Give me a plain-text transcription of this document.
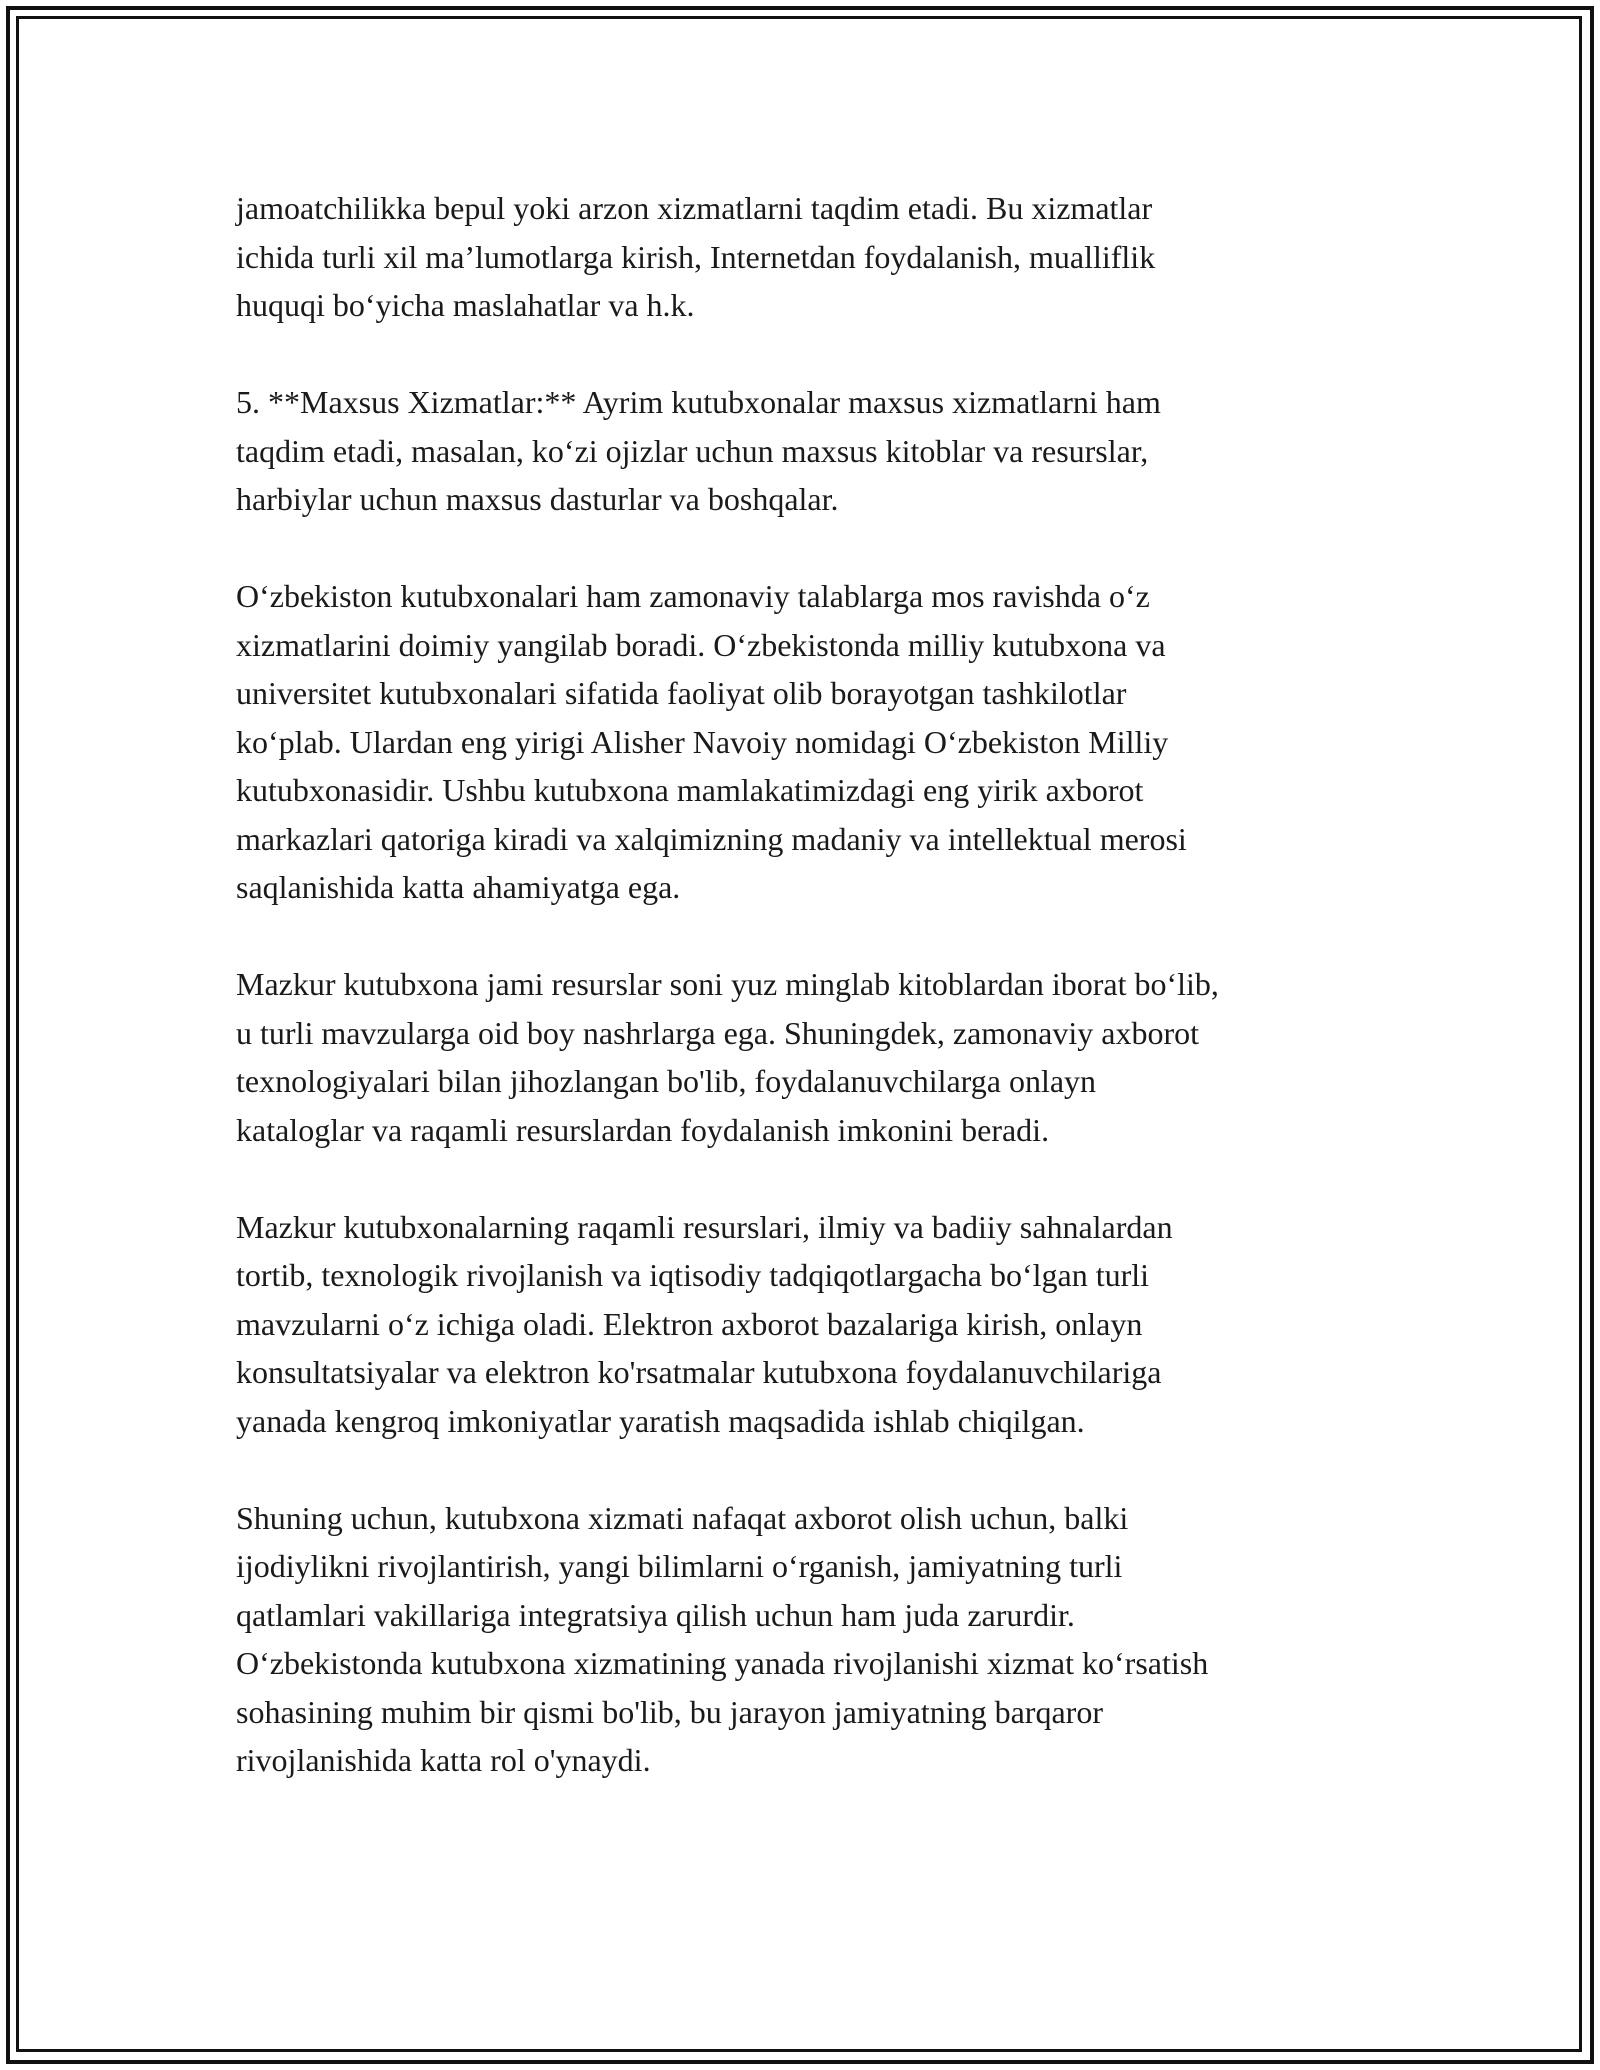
jamoatchilikka bepul yoki arzon xizmatlarni taqdim etadi. Bu xizmatlar
ichida turli xil ma’lumotlarga kirish, Internetdan foydalanish, mualliflik
huquqi bo‘yicha maslahatlar va h.k.

5. **Maxsus Xizmatlar:** Ayrim kutubxonalar maxsus xizmatlarni ham
taqdim etadi, masalan, ko‘zi ojizlar uchun maxsus kitoblar va resurslar,
harbiylar uchun maxsus dasturlar va boshqalar.

O‘zbekiston kutubxonalari ham zamonaviy talablarga mos ravishda o‘z
xizmatlarini doimiy yangilab boradi. O‘zbekistonda milliy kutubxona va
universitet kutubxonalari sifatida faoliyat olib borayotgan tashkilotlar
ko‘plab. Ulardan eng yirigi Alisher Navoiy nomidagi O‘zbekiston Milliy
kutubxonasidir. Ushbu kutubxona mamlakatimizdagi eng yirik axborot
markazlari qatoriga kiradi va xalqimizning madaniy va intellektual merosi
saqlanishida katta ahamiyatga ega.

Mazkur kutubxona jami resurslar soni yuz minglab kitoblardan iborat bo‘lib,
u turli mavzularga oid boy nashrlarga ega. Shuningdek, zamonaviy axborot
texnologiyalari bilan jihozlangan bo'lib, foydalanuvchilarga onlayn
kataloglar va raqamli resurslardan foydalanish imkonini beradi.

Mazkur kutubxonalarning raqamli resurslari, ilmiy va badiiy sahnalardan
tortib, texnologik rivojlanish va iqtisodiy tadqiqotlargacha bo‘lgan turli
mavzularni o‘z ichiga oladi. Elektron axborot bazalariga kirish, onlayn
konsultatsiyalar va elektron ko'rsatmalar kutubxona foydalanuvchilariga
yanada kengroq imkoniyatlar yaratish maqsadida ishlab chiqilgan.

Shuning uchun, kutubxona xizmati nafaqat axborot olish uchun, balki
ijodiylikni rivojlantirish, yangi bilimlarni o‘rganish, jamiyatning turli
qatlamlari vakillariga integratsiya qilish uchun ham juda zarurdir.
O‘zbekistonda kutubxona xizmatining yanada rivojlanishi xizmat ko‘rsatish
sohasining muhim bir qismi bo'lib, bu jarayon jamiyatning barqaror
rivojlanishida katta rol o'ynaydi.
